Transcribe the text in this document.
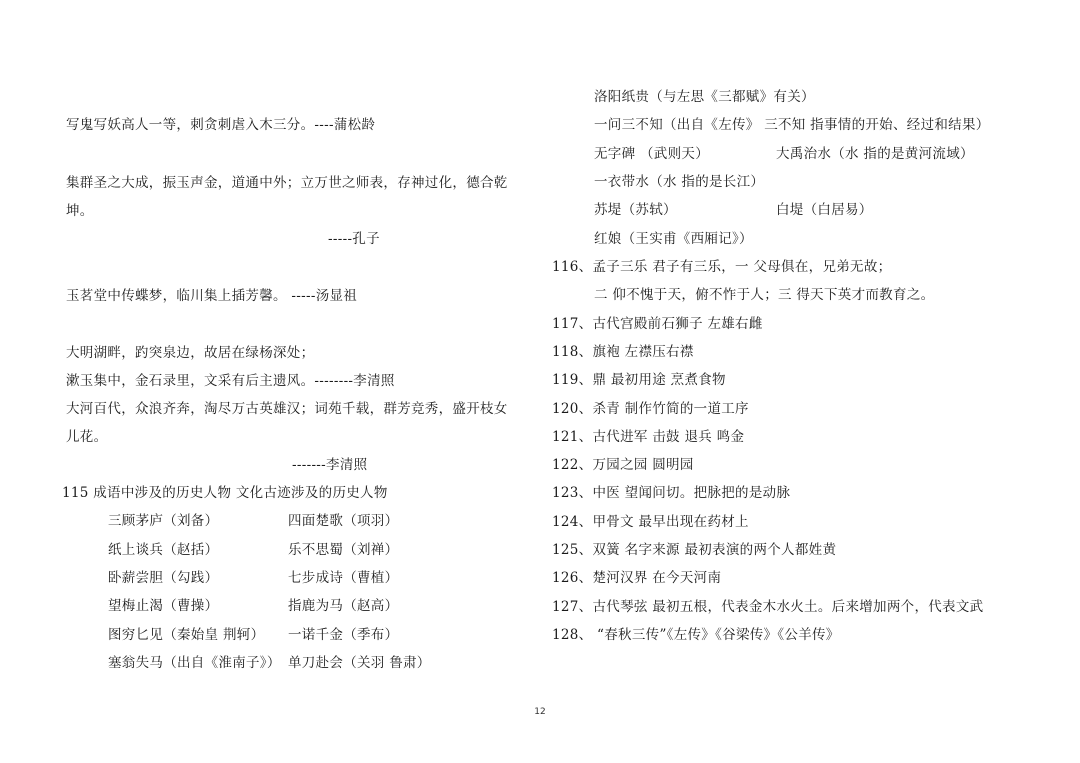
写鬼写妖高人一等，刺贪刺虐入木三分。----蒲松龄
集群圣之大成，振玉声金，道通中外；立万世之师表，存神过化，德合乾
坤。
-----孔子
玉茗堂中传蝶梦，临川集上插芳馨。 -----汤显祖
大明湖畔，趵突泉边，故居在绿杨深处；
漱玉集中，金石录里，文采有后主遗风。--------李清照
大河百代，众浪齐奔，淘尽万古英雄汉；词苑千载，群芳竞秀，盛开枝女
儿花。
-------李清照
115 成语中涉及的历史人物 文化古迹涉及的历史人物
三顾茅庐（刘备）	四面楚歌（项羽）
纸上谈兵（赵括）	乐不思蜀（刘禅）
卧薪尝胆（勾践）	七步成诗（曹植）
望梅止渴（曹操）	指鹿为马（赵高）
图穷匕见（秦始皇 荆轲） 一诺千金（季布）
塞翁失马（出自《淮南子》） 单刀赴会（关羽 鲁肃）
洛阳纸贵（与左思《三都赋》有关）
一问三不知（出自《左传》 三不知 指事情的开始、经过和结果）
无字碑 （武则天）	大禹治水（水 指的是黄河流域）
一衣带水（水 指的是长江）
苏堤（苏轼）	白堤（白居易）
红娘（王实甫《西厢记》）
116、孟子三乐 君子有三乐，一 父母俱在，兄弟无故；
二 仰不愧于天，俯不怍于人；三 得天下英才而教育之。
117、古代宫殿前石狮子 左雄右雌
118、旗袍 左襟压右襟
119、鼎 最初用途 烹煮食物
120、杀青 制作竹简的一道工序
121、古代进军 击鼓 退兵 鸣金
122、万园之园 圆明园
123、中医 望闻问切。把脉把的是动脉
124、甲骨文 最早出现在药材上
125、双簧 名字来源 最初表演的两个人都姓黄
126、楚河汉界 在今天河南
127、古代琴弦 最初五根，代表金木水火土。后来增加两个，代表文武
128、 “春秋三传”《左传》《谷梁传》《公羊传》
12
